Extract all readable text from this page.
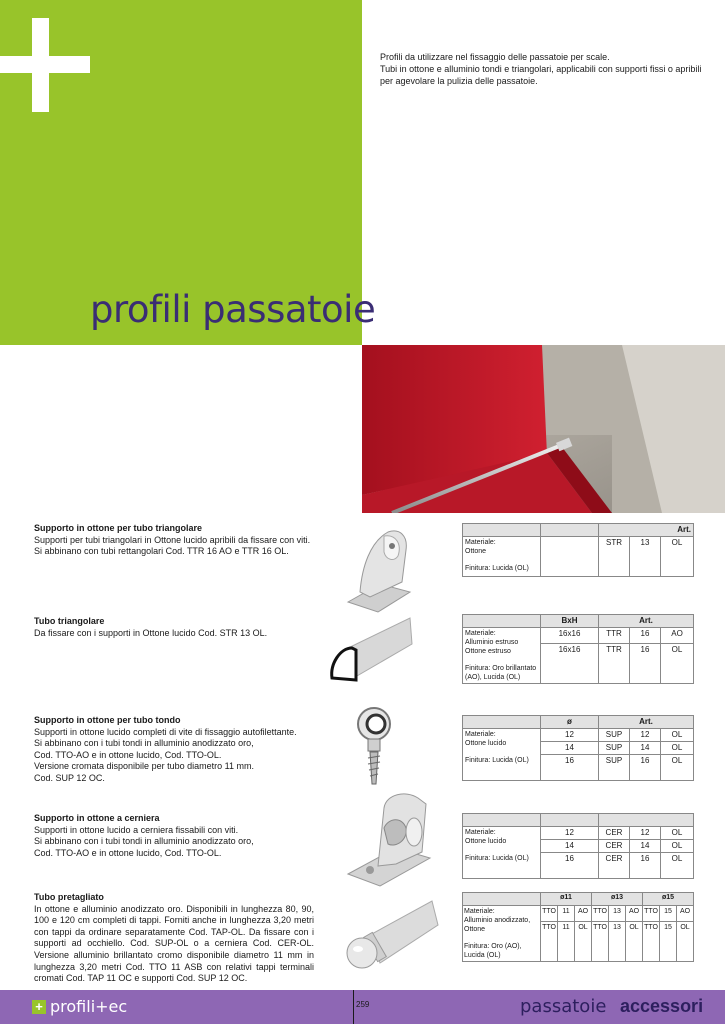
profili passatoie
Profili da utilizzare nel fissaggio delle passatoie per scale.
Tubi in ottone e alluminio tondi e triangolari, applicabili con supporti fissi o apribili per agevolare la pulizia delle passatoie.
Supporto in ottone per tubo triangolare
Supporti per tubi triangolari in Ottone lucido apribili da fissare con viti. Si abbinano con tubi rettangolari Cod. TTR 16 AO e TTR 16 OL.
		Art.		
Materiale:
Ottone
Finitura: Lucida (OL)		STR	13	OL
Tubo triangolare
Da fissare con i supporti in Ottone lucido Cod. STR 13 OL.
	BxH	Art.		
Materiale:
Alluminio estruso
Ottone estruso
Finitura: Oro brillantato
(AO), Lucida (OL)	16x16	TTR	16	AO
	16x16	TTR	16	OL
Supporto in ottone per tubo tondo
Supporti in ottone lucido completi di vite di fissaggio autofilettante.
Si abbinano con i tubi tondi in alluminio anodizzato oro,
Cod. TTO-AO e in ottone lucido, Cod. TTO-OL.
Versione cromata disponibile per tubo diametro 11 mm.
Cod. SUP 12 OC.
	ø	Art.		
Materiale:
Ottone lucido
Finitura: Lucida (OL)	12	SUP	12	OL
	14	SUP	14	OL
	16	SUP	16	OL
Supporto in ottone a cerniera
Supporti in ottone lucido a cerniera fissabili con viti.
Si abbinano con i tubi tondi in alluminio anodizzato oro,
Cod. TTO-AO e in ottone lucido, Cod. TTO-OL.

Materiale:
Ottone lucido
Finitura: Lucida (OL)	12	CER	12	OL
	14	CER	14	OL
	16	CER	16	OL
Tubo pretagliato
In ottone e alluminio anodizzato oro. Disponibili in lunghezza 80, 90, 100 e 120 cm completi di tappi. Forniti anche in lunghezza 3,20 metri con tappi da ordinare separatamente Cod. TAP-OL. Da fissare con i supporti ad occhiello. Cod. SUP-OL o a cerniera Cod. CER-OL. Versione alluminio brillantato cromo disponibile diametro 11 mm in lunghezza 3,20 metri Cod. TTO 11 ASB con relativi tappi terminali cromati Cod. TAP 11 OC e supporti Cod. SUP 12 OC.
	ø11			ø13			ø15		
Materiale:
Alluminio anodizzato,
Ottone
Finitura: Oro (AO),
Lucida (OL)	TTO	11	AO	TTO	13	AO	TTO	15	AO
	TTO	11	OL	TTO	13	OL	TTO	15	OL
+ profili+ec	259	passatoie accessori
